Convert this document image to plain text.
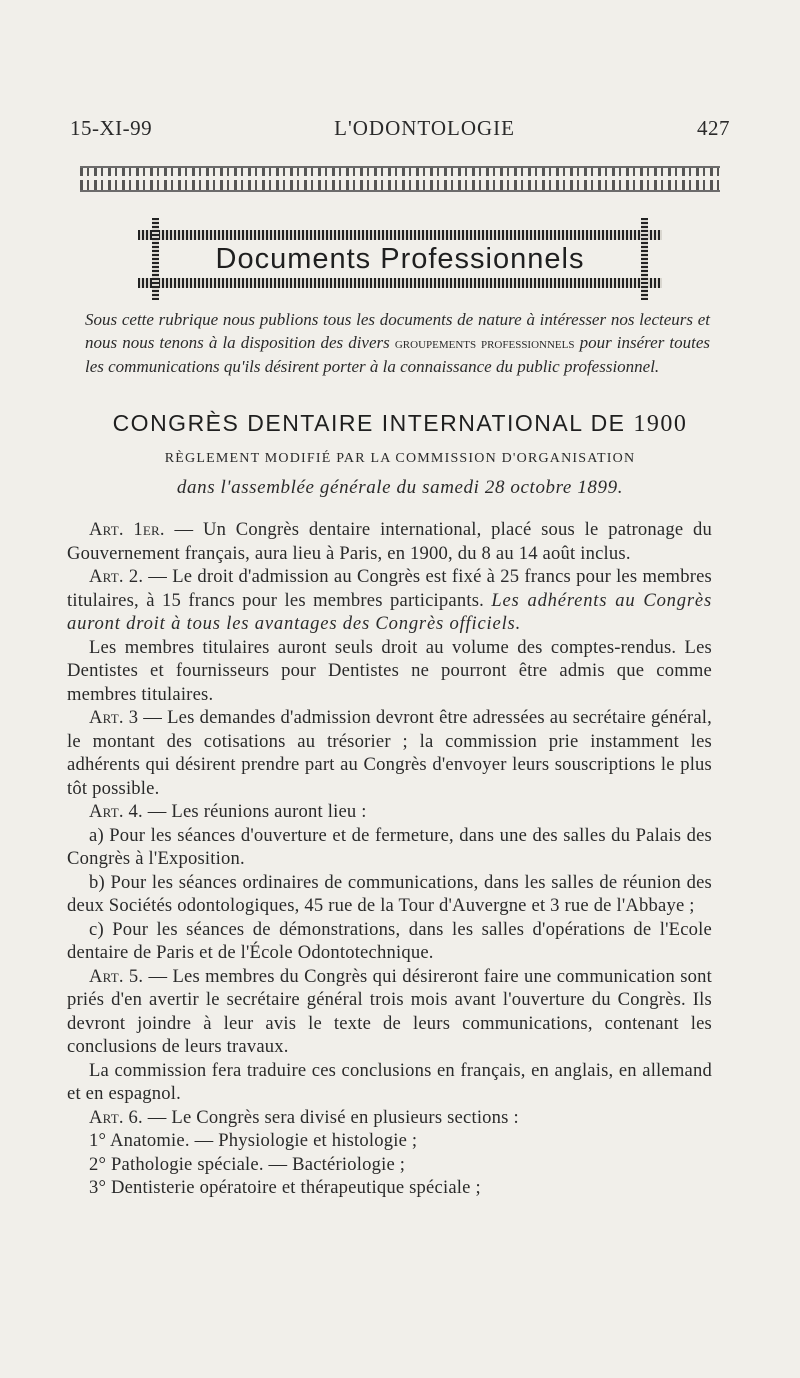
15-XI-99	L'ODONTOLOGIE	427
Documents Professionnels
Sous cette rubrique nous publions tous les documents de nature à intéresser nos lecteurs et nous nous tenons à la disposition des divers groupements professionnels pour insérer toutes les communications qu'ils désirent porter à la connaissance du public professionnel.
CONGRÈS DENTAIRE INTERNATIONAL DE 1900
RÈGLEMENT MODIFIÉ PAR LA COMMISSION D'ORGANISATION
dans l'assemblée générale du samedi 28 octobre 1899.

Art. 1er. — Un Congrès dentaire international, placé sous le patronage du Gouvernement français, aura lieu à Paris, en 1900, du 8 au 14 août inclus.

Art. 2. — Le droit d'admission au Congrès est fixé à 25 francs pour les membres titulaires, à 15 francs pour les membres participants. Les adhérents au Congrès auront droit à tous les avantages des Congrès officiels.

Les membres titulaires auront seuls droit au volume des comptes-rendus. Les Dentistes et fournisseurs pour Dentistes ne pourront être admis que comme membres titulaires.

Art. 3 — Les demandes d'admission devront être adressées au secrétaire général, le montant des cotisations au trésorier ; la commission prie instamment les adhérents qui désirent prendre part au Congrès d'envoyer leurs souscriptions le plus tôt possible.

Art. 4. — Les réunions auront lieu :

a) Pour les séances d'ouverture et de fermeture, dans une des salles du Palais des Congrès à l'Exposition.

b) Pour les séances ordinaires de communications, dans les salles de réunion des deux Sociétés odontologiques, 45 rue de la Tour d'Auvergne et 3 rue de l'Abbaye ;

c) Pour les séances de démonstrations, dans les salles d'opérations de l'Ecole dentaire de Paris et de l'École Odontotechnique.

Art. 5. — Les membres du Congrès qui désireront faire une communication sont priés d'en avertir le secrétaire général trois mois avant l'ouverture du Congrès. Ils devront joindre à leur avis le texte de leurs communications, contenant les conclusions de leurs travaux.

La commission fera traduire ces conclusions en français, en anglais, en allemand et en espagnol.

Art. 6. — Le Congrès sera divisé en plusieurs sections :

1° Anatomie. — Physiologie et histologie ;

2° Pathologie spéciale. — Bactériologie ;

3° Dentisterie opératoire et thérapeutique spéciale ;
